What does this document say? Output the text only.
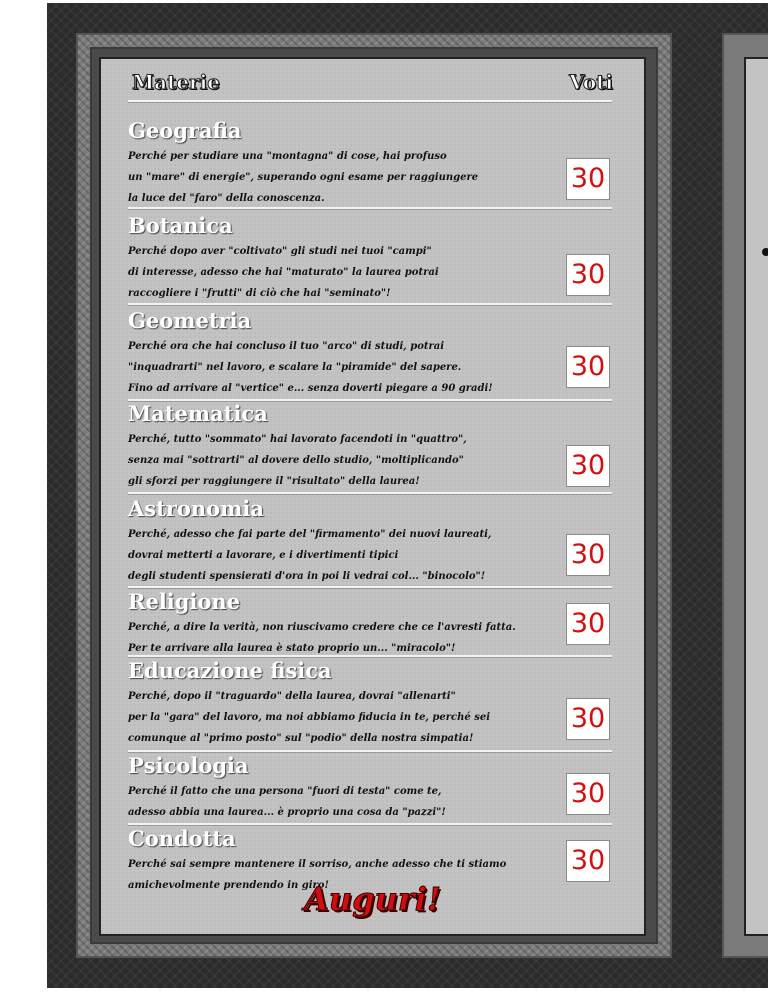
Materie	Voti
Geografia
Perché per studiare una "montagna" di cose, hai profuso
un "mare" di energie", superando ogni esame per raggiungere
la luce del "faro" della conoscenza.
30
Botanica
Perché dopo aver "coltivato" gli studi nei tuoi "campi"
di interesse, adesso che hai "maturato" la laurea potrai
raccogliere i "frutti" di ciò che hai "seminato"!
30
Geometria
Perché ora che hai concluso il tuo "arco" di studi, potrai
"inquadrarti" nel lavoro, e scalare la "piramide" del sapere.
Fino ad arrivare al "vertice" e... senza doverti piegare a 90 gradi!
30
Matematica
Perché, tutto "sommato" hai lavorato facendoti in "quattro",
senza mai "sottrarti" al dovere dello studio, "moltiplicando"
gli sforzi per raggiungere il "risultato" della laurea!
30
Astronomia
Perché, adesso che fai parte del "firmamento" dei nuovi laureati,
dovrai metterti a lavorare, e i divertimenti tipici
degli studenti spensierati d'ora in poi li vedrai col... "binocolo"!
30
Religione
Perché, a dire la verità, non riuscivamo credere che ce l'avresti fatta.
Per te arrivare alla laurea è stato proprio un... "miracolo"!
30
Educazione fisica
Perché, dopo il "traguardo" della laurea, dovrai "allenarti"
per la "gara" del lavoro, ma noi abbiamo fiducia in te, perché sei
comunque al "primo posto" sul "podio" della nostra simpatia!
30
Psicologia
Perché il fatto che una persona "fuori di testa" come te,
adesso abbia una laurea... è proprio una cosa da "pazzi"!
30
Condotta
Perché sai sempre mantenere il sorriso, anche adesso che ti stiamo
amichevolmente prendendo in giro!
30
Auguri!
